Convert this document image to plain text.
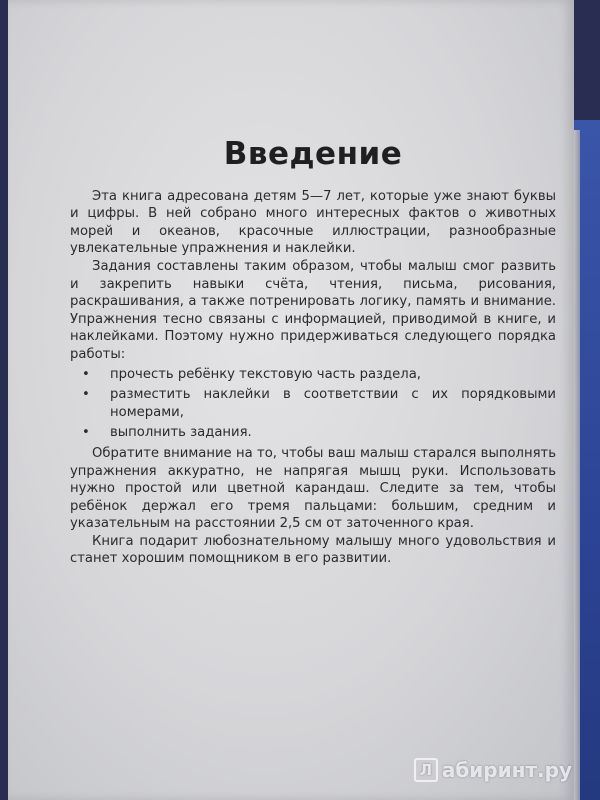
Введение

Эта книга адресована детям 5—7 лет, которые уже знают буквы и цифры. В ней собрано много интересных фактов о животных морей и океанов, красочные иллюстрации, разнообразные увлекательные упражнения и наклейки.

Задания составлены таким образом, чтобы малыш смог развить и закрепить навыки счёта, чтения, письма, рисования, раскрашивания, а также потренировать логику, память и внимание. Упражнения тесно связаны с информацией, приводимой в книге, и наклейками. Поэтому нужно придерживаться следующего порядка работы:

• прочесть ребёнку текстовую часть раздела,
• разместить наклейки в соответствии с их порядковыми номерами,
• выполнить задания.

Обратите внимание на то, чтобы ваш малыш старался выполнять упражнения аккуратно, не напрягая мышц руки. Использовать нужно простой или цветной карандаш. Следите за тем, чтобы ребёнок держал его тремя пальцами: большим, средним и указательным на расстоянии 2,5 см от заточенного края.

Книга подарит любознательному малышу много удовольствия и станет хорошим помощником в его развитии.

Л абиринт.ру
